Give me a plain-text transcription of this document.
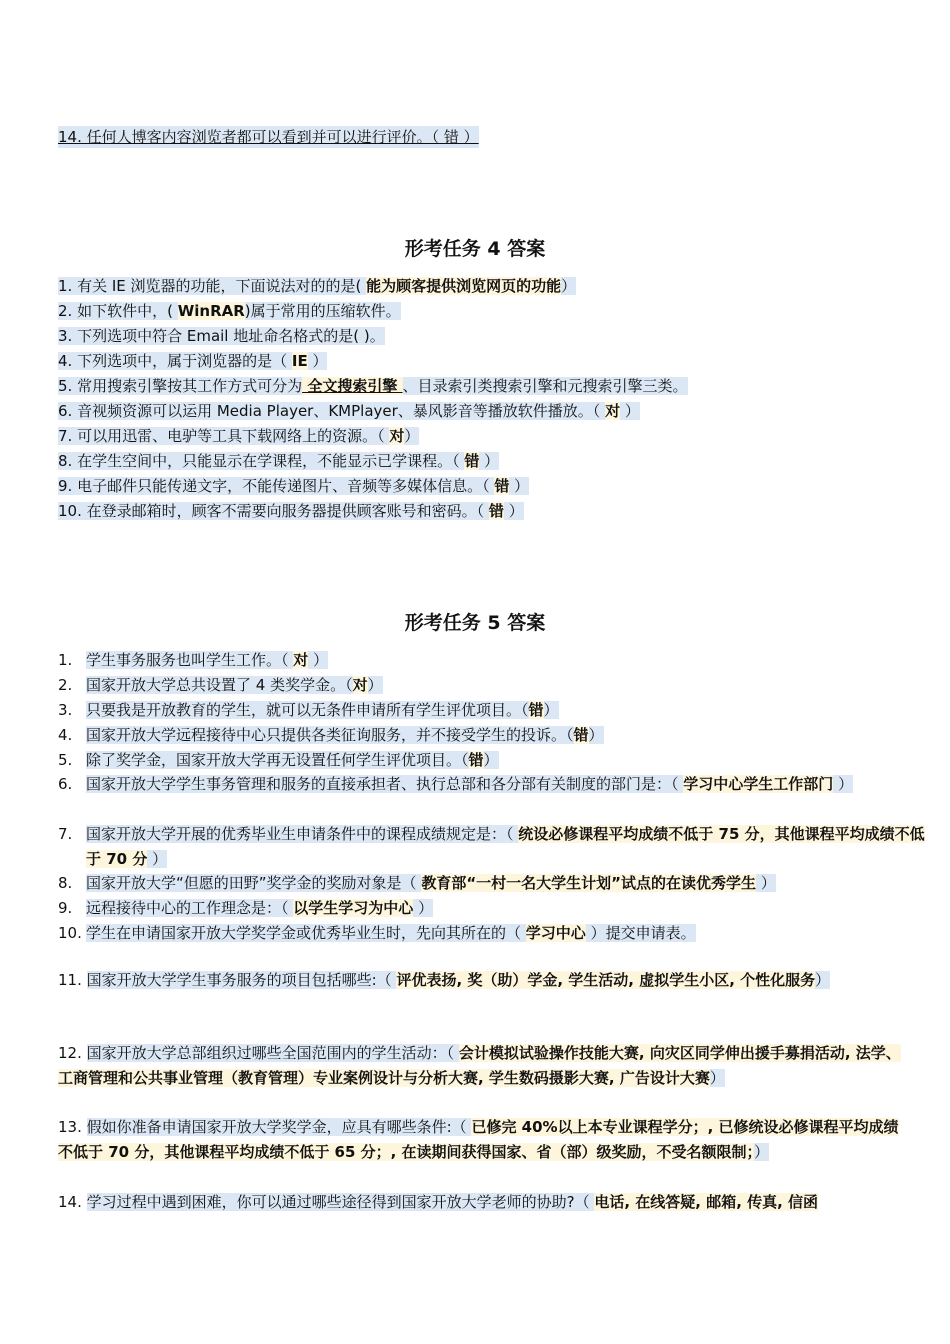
14. 任何人博客内容浏览者都可以看到并可以进行评价。（ 错 ）
形考任务 4 答案
1. 有关 IE 浏览器的功能，下面说法对的的是( 能为顾客提供浏览网页的功能）
2. 如下软件中，( WinRAR)属于常用的压缩软件。
3. 下列选项中符合 Email 地址命名格式的是( )。
4. 下列选项中，属于浏览器的是（ IE ）
5. 常用搜索引擎按其工作方式可分为 全文搜索引擎 、目录索引类搜索引擎和元搜索引擎三类。
6. 音视频资源可以运用 Media Player、KMPlayer、暴风影音等播放软件播放。（ 对 ）
7. 可以用迅雷、电驴等工具下载网络上的资源。（ 对）
8. 在学生空间中，只能显示在学课程，不能显示已学课程。（ 错 ）
9. 电子邮件只能传递文字，不能传递图片、音频等多媒体信息。（ 错 ）
10. 在登录邮箱时，顾客不需要向服务器提供顾客账号和密码。（ 错 ）
形考任务 5 答案
1. 学生事务服务也叫学生工作。（ 对 ）
2. 国家开放大学总共设置了 4 类奖学金。（对）
3. 只要我是开放教育的学生，就可以无条件申请所有学生评优项目。（错）
4. 国家开放大学远程接待中心只提供各类征询服务，并不接受学生的投诉。（错）
5. 除了奖学金，国家开放大学再无设置任何学生评优项目。（错）
6. 国家开放大学学生事务管理和服务的直接承担者、执行总部和各分部有关制度的部门是：（ 学习中心学生工作部门 ）
7. 国家开放大学开展的优秀毕业生申请条件中的课程成绩规定是：（ 统设必修课程平均成绩不低于 75 分，其他课程平均成绩不低于 70 分 ）
8. 国家开放大学“但愿的田野”奖学金的奖励对象是（ 教育部“一村一名大学生计划”试点的在读优秀学生 ）
9. 远程接待中心的工作理念是：（ 以学生学习为中心 ）
10. 学生在申请国家开放大学奖学金或优秀毕业生时，先向其所在的（ 学习中心 ）提交申请表。
11. 国家开放大学学生事务服务的项目包括哪些:（ 评优表扬, 奖（助）学金, 学生活动, 虚拟学生小区, 个性化服务）
12. 国家开放大学总部组织过哪些全国范围内的学生活动：（ 会计模拟试验操作技能大赛, 向灾区同学伸出援手募捐活动, 法学、工商管理和公共事业管理（教育管理）专业案例设计与分析大赛, 学生数码摄影大赛, 广告设计大赛）
13. 假如你准备申请国家开放大学奖学金，应具有哪些条件:（ 已修完 40%以上本专业课程学分；, 已修统设必修课程平均成绩不低于 70 分，其他课程平均成绩不低于 65 分；, 在读期间获得国家、省（部）级奖励，不受名额限制；）
14. 学习过程中遇到困难，你可以通过哪些途径得到国家开放大学老师的协助?（ 电话, 在线答疑, 邮箱, 传真, 信函
